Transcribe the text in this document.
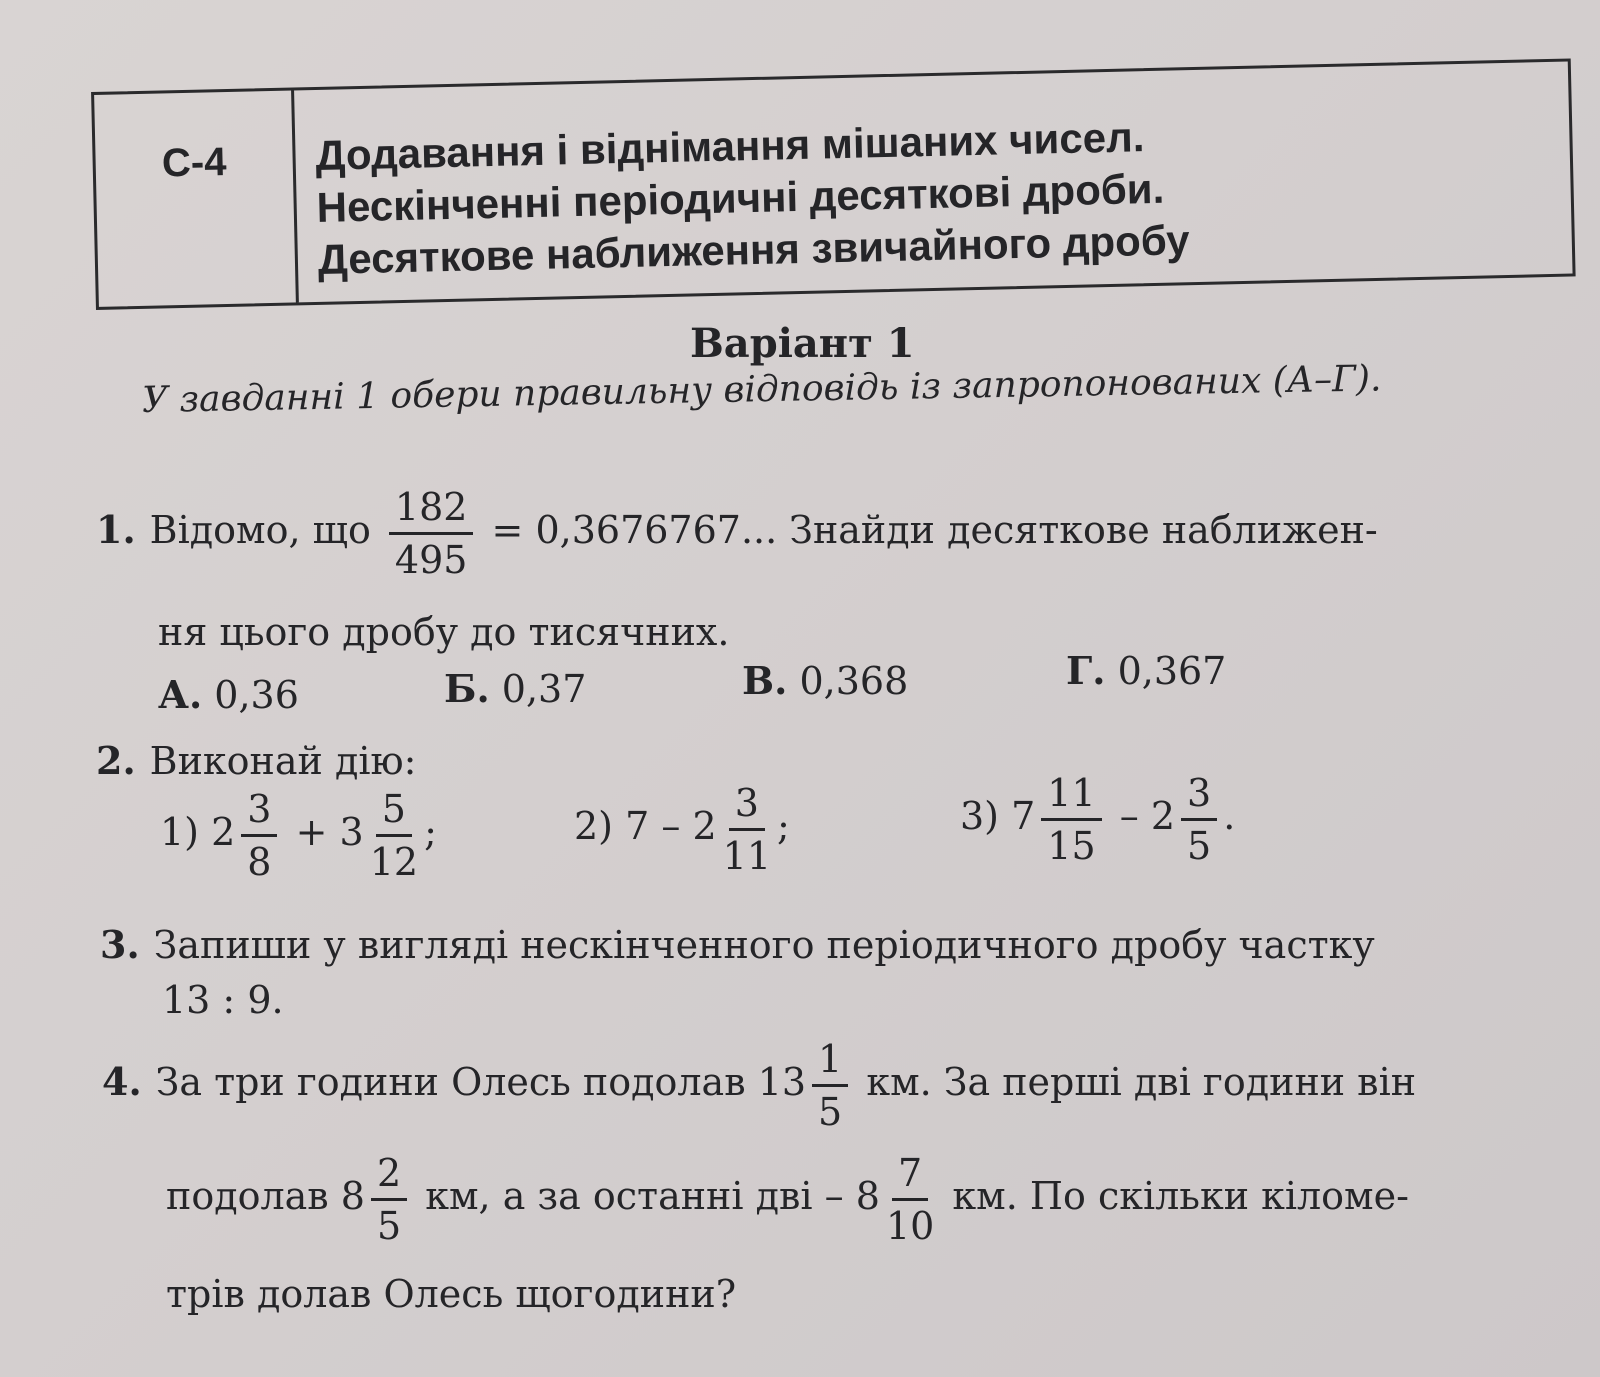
С-4	Додавання і віднімання мішаних чисел.
Нескінченні періодичні десяткові дроби.
Десяткове наближення звичайного дробу
Варіант 1
У завданні 1 обери правильну відповідь із запропонованих (А–Г).
1. Відомо, що $\frac{182}{495} = 0,3676767$... Знайди десяткове наближен-
ня цього дробу до тисячних.
А. 0,36	Б. 0,37	В. 0,368	Г. 0,367
2. Виконай дію:
1) $2 \frac{3}{8} + 3 \frac{5}{12}$ ;	2) $7 - 2 \frac{3}{11}$ ;	3) $7 \frac{11}{15} - 2 \frac{3}{5}$ .
3. Запиши у вигляді нескінченного періодичного дробу частку
13 : 9.
4. За три години Олесь подолав $13 \frac{1}{5}$ км. За перші дві години він
подолав $8 \frac{2}{5}$ км, а за останні дві – $8 \frac{7}{10}$ км. По скільки кіломе-
трів долав Олесь щогодини?
